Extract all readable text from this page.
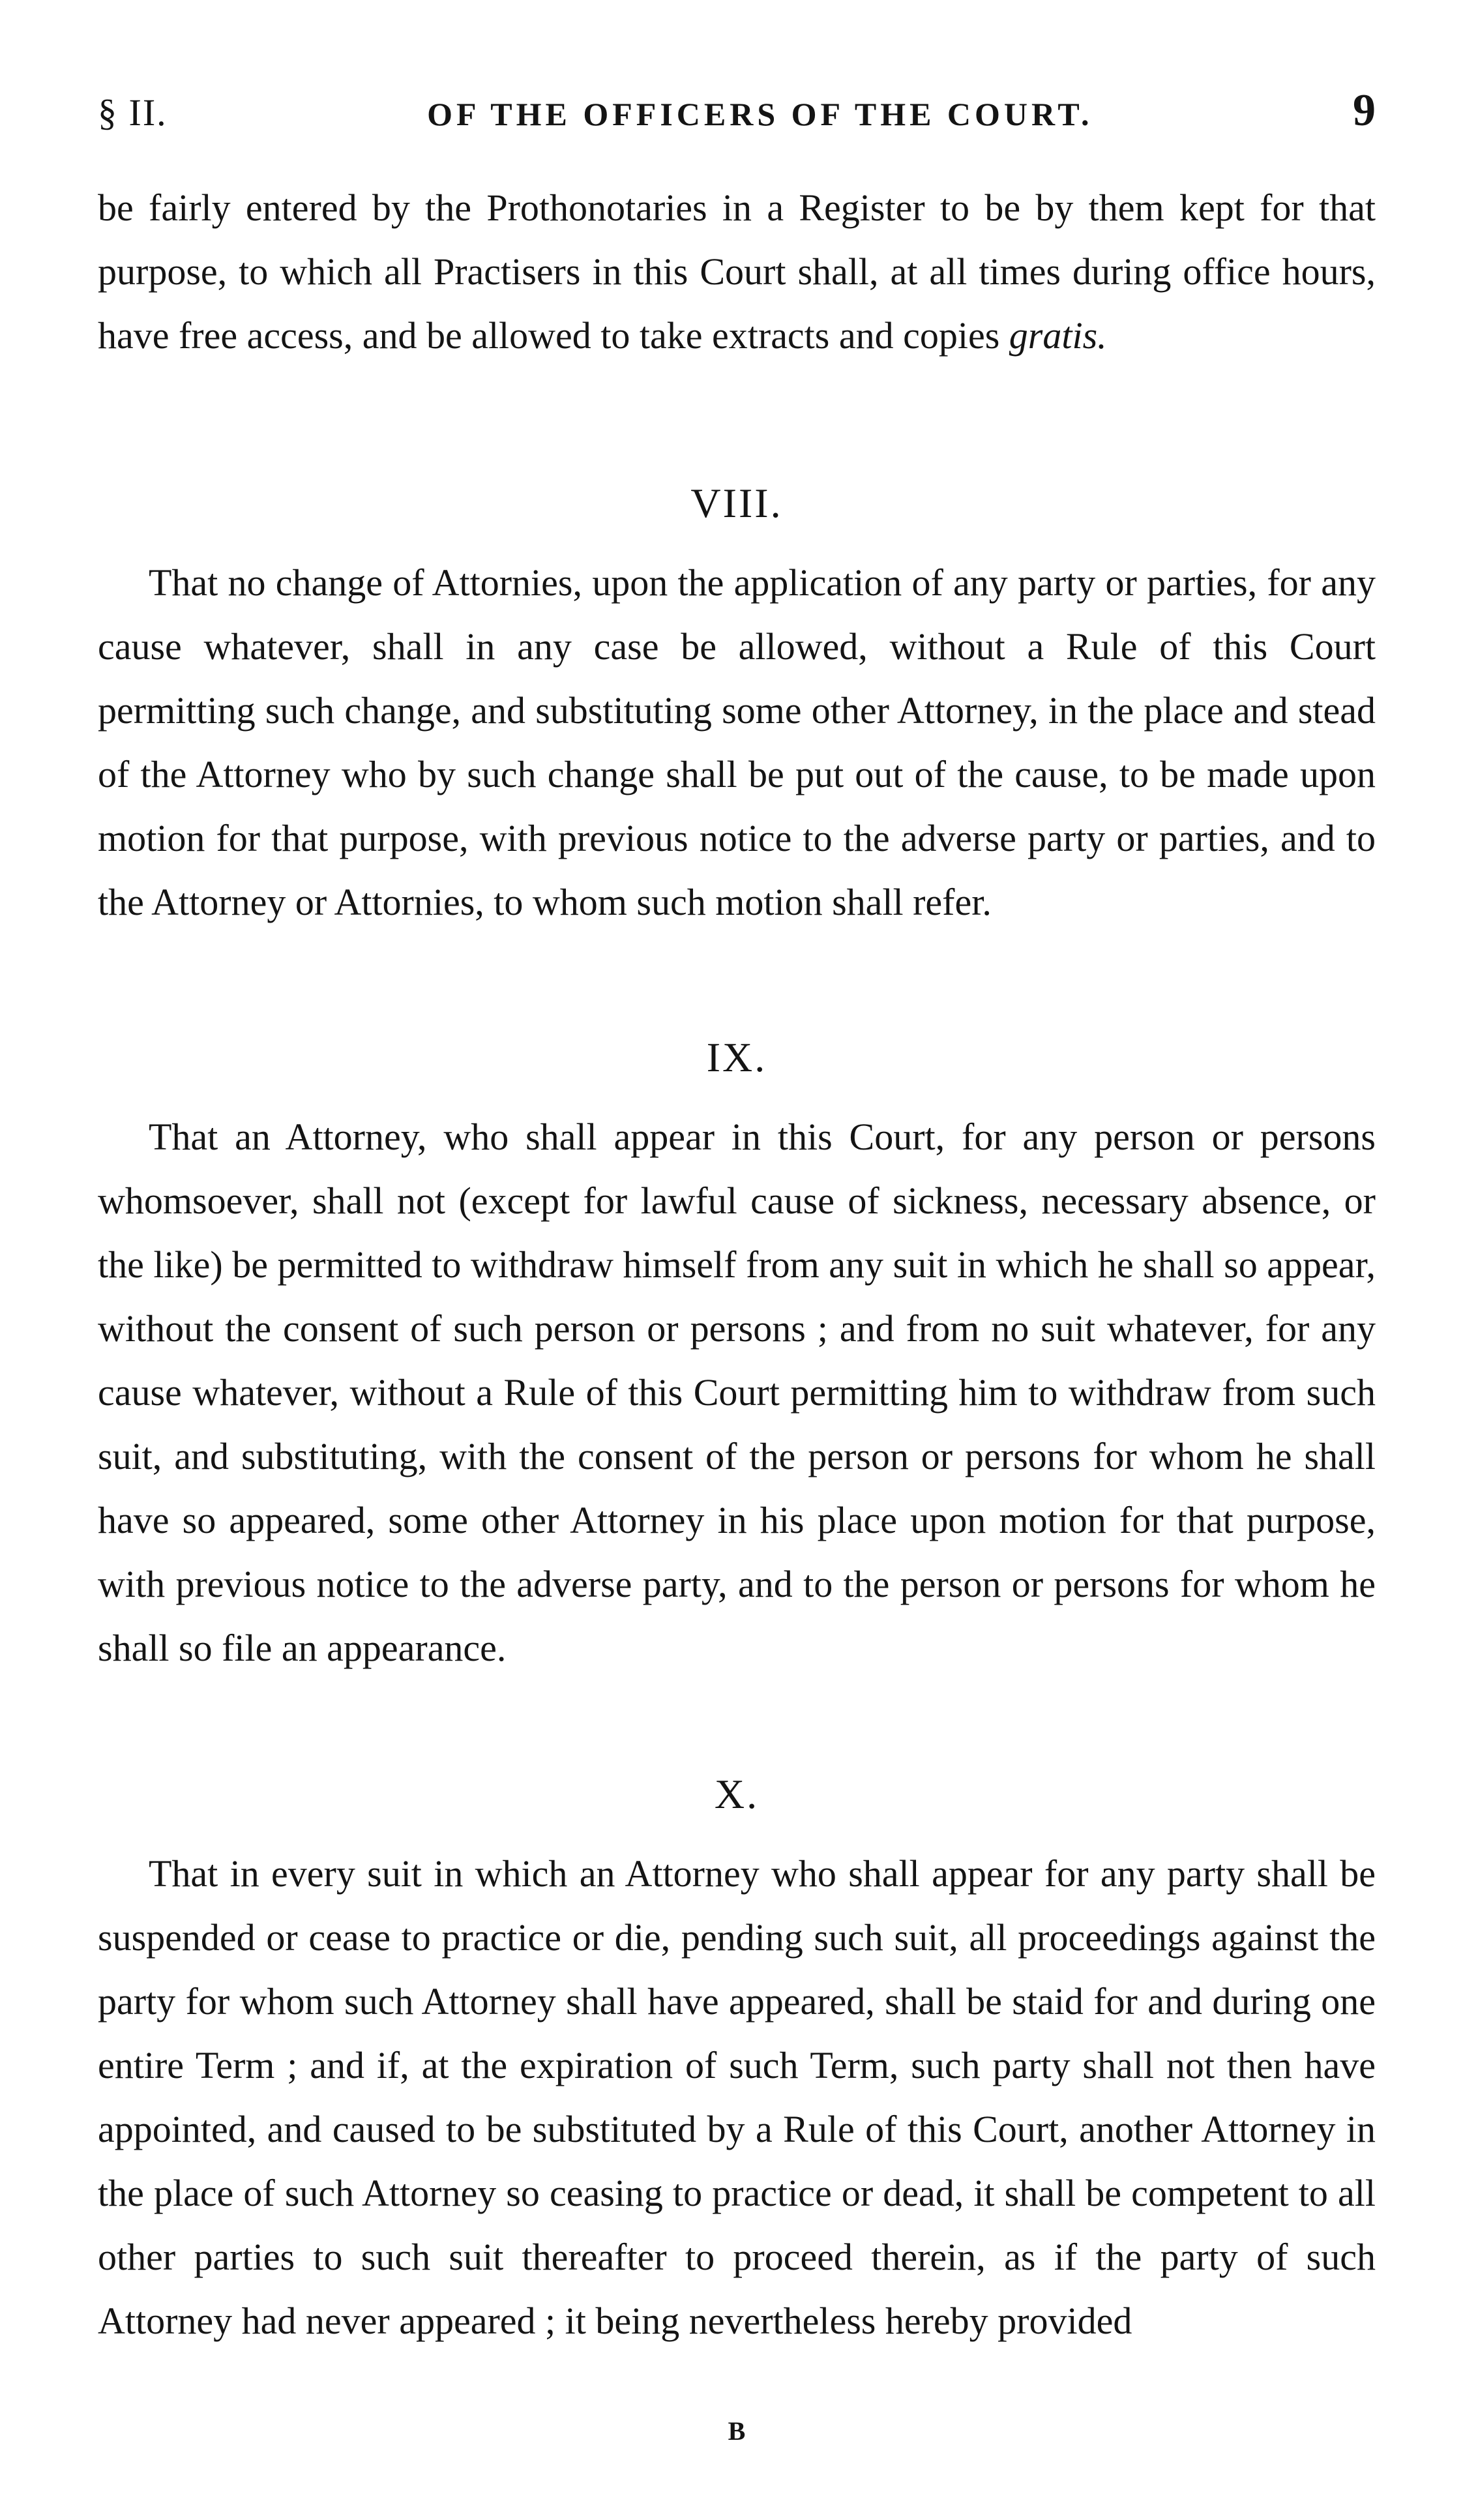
§ II.	OF THE OFFICERS OF THE COURT.	9

be fairly entered by the Prothonotaries in a Register to be by them kept for that purpose, to which all Practisers in this Court shall, at all times during office hours, have free access, and be allowed to take extracts and copies gratis.

VIII.

That no change of Attornies, upon the application of any party or parties, for any cause whatever, shall in any case be allowed, without a Rule of this Court permitting such change, and substituting some other Attorney, in the place and stead of the Attorney who by such change shall be put out of the cause, to be made upon motion for that purpose, with previous notice to the adverse party or parties, and to the Attorney or Attornies, to whom such motion shall refer.

IX.

That an Attorney, who shall appear in this Court, for any person or persons whomsoever, shall not (except for lawful cause of sickness, necessary absence, or the like) be permitted to withdraw himself from any suit in which he shall so appear, without the consent of such person or persons ; and from no suit whatever, for any cause whatever, without a Rule of this Court permitting him to withdraw from such suit, and substituting, with the consent of the person or persons for whom he shall have so appeared, some other Attorney in his place upon motion for that purpose, with previous notice to the adverse party, and to the person or persons for whom he shall so file an appearance.

X.

That in every suit in which an Attorney who shall appear for any party shall be suspended or cease to practice or die, pending such suit, all proceedings against the party for whom such Attorney shall have appeared, shall be staid for and during one entire Term ; and if, at the expiration of such Term, such party shall not then have appointed, and caused to be substituted by a Rule of this Court, another Attorney in the place of such Attorney so ceasing to practice or dead, it shall be competent to all other parties to such suit thereafter to proceed therein, as if the party of such Attorney had never appeared ; it being nevertheless hereby provided

B
